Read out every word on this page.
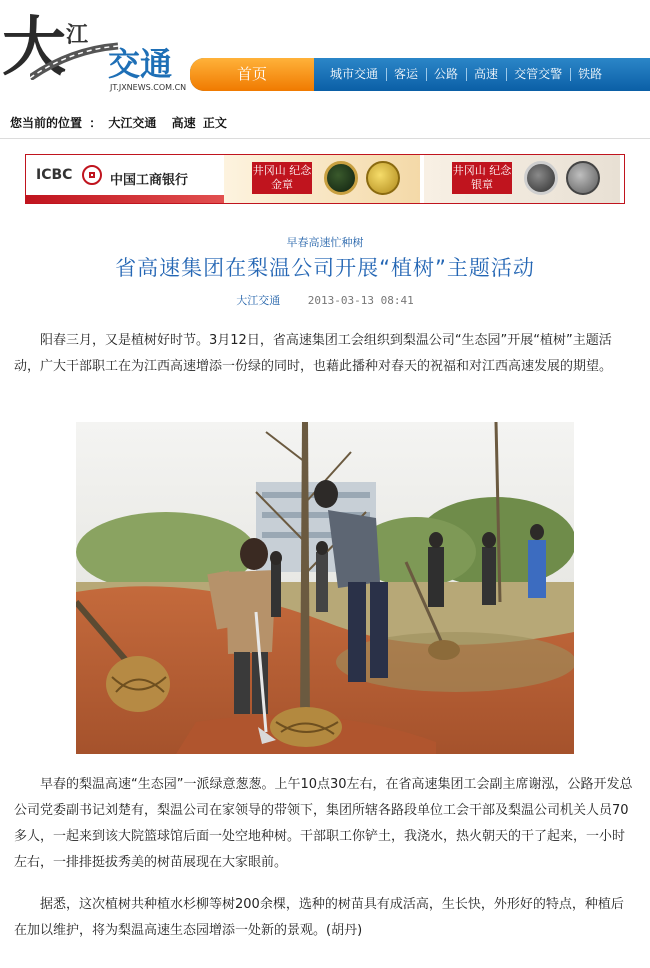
大 江
交通
JT.JXNEWS.COM.CN
首页	城市交通	客运	公路	高速	交管交警	铁路
您当前的位置 ： 大江交通 高速 正文
ICBC	中国工商银行
井冈山 纪念金章
井冈山 纪念银章
早春高速忙种树
省高速集团在梨温公司开展“植树”主题活动
大江交通	2013-03-13 08:41
阳春三月，又是植树好时节。3月12日，省高速集团工会组织到梨温公司“生态园”开展“植树”主题活动，广大干部职工在为江西高速增添一份绿的同时，也藉此播种对春天的祝福和对江西高速发展的期望。
早春的梨温高速“生态园”一派绿意葱葱。上午10点30左右，在省高速集团工会副主席谢泓，公路开发总公司党委副书记刘楚有，梨温公司在家领导的带领下，集团所辖各路段单位工会干部及梨温公司机关人员70多人，一起来到该大院篮球馆后面一处空地种树。干部职工你铲土，我浇水，热火朝天的干了起来，一小时左右，一排排挺拔秀美的树苗展现在大家眼前。
据悉，这次植树共种植水杉柳等树200余棵，选种的树苗具有成活高，生长快，外形好的特点，种植后在加以维护，将为梨温高速生态园增添一处新的景观。(胡丹)
